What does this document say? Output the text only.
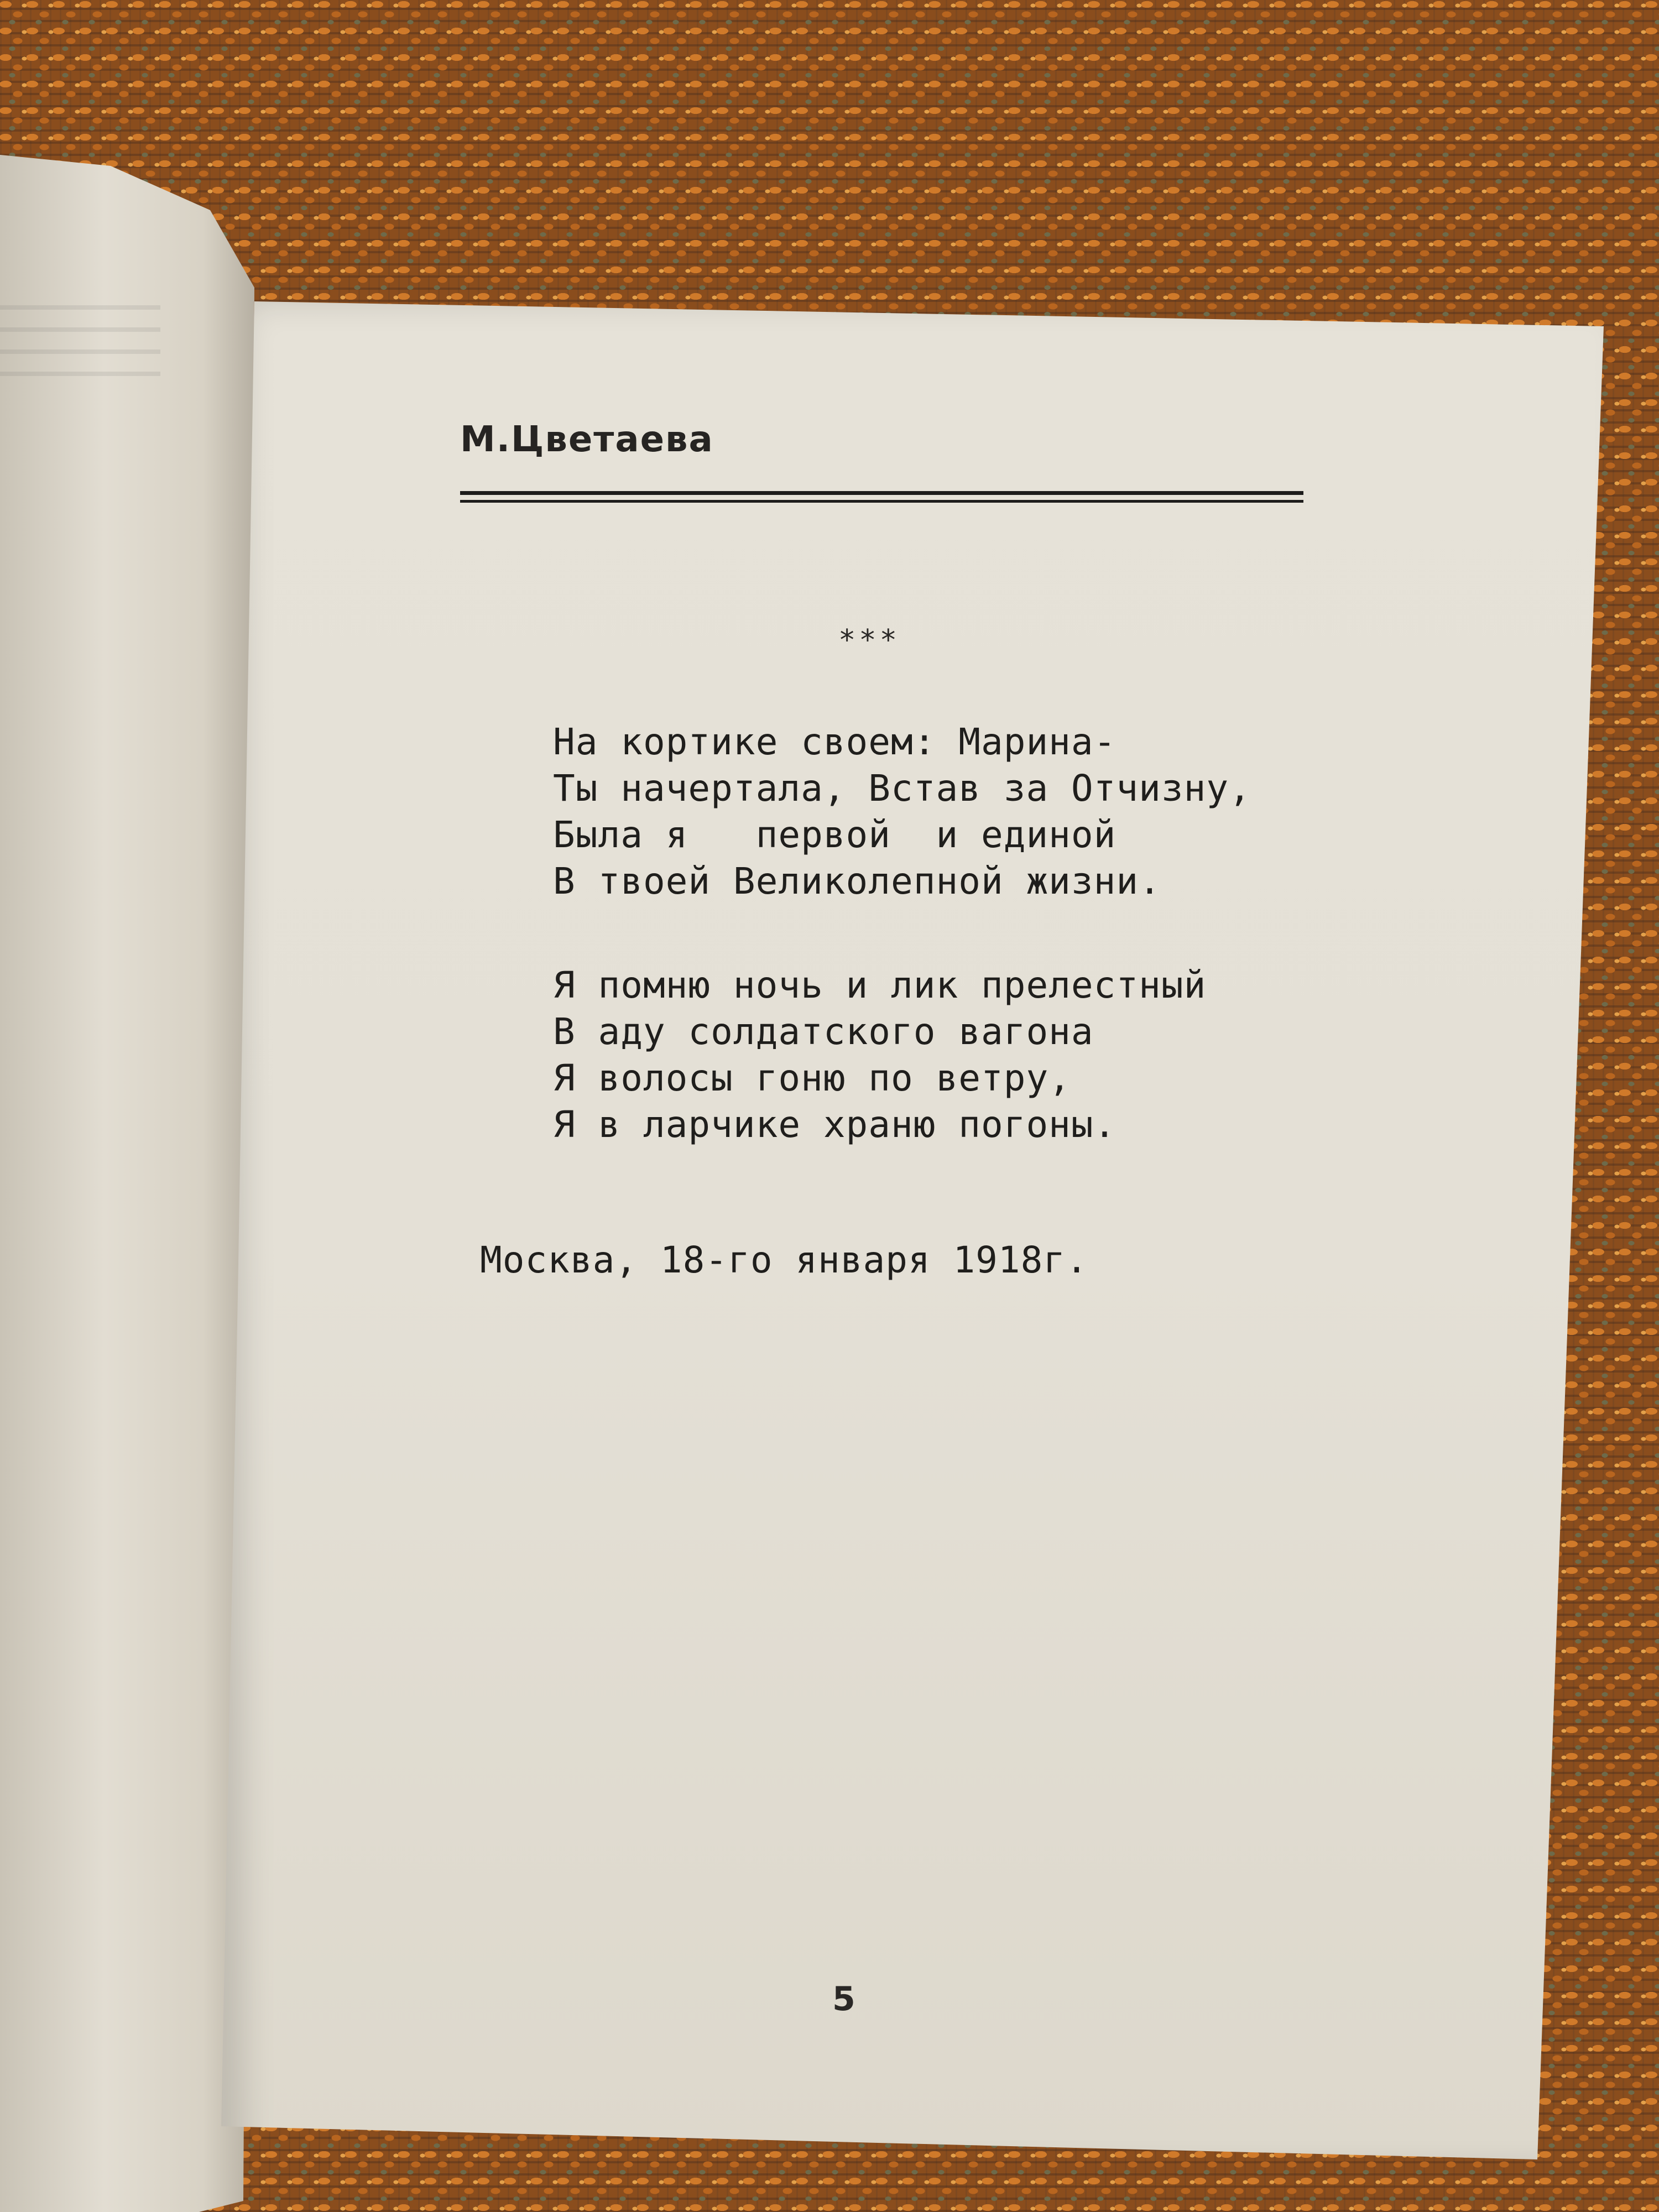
М.Цветаева
***
На кортике своем: Марина-
Ты начертала, Встав за Отчизну,
Была я   первой  и единой
В твоей Великолепной жизни.
Я помню ночь и лик прелестный
В аду солдатского вагона
Я волосы гоню по ветру,
Я в ларчике храню погоны.

Москва, 18-го января 1918г.

5
